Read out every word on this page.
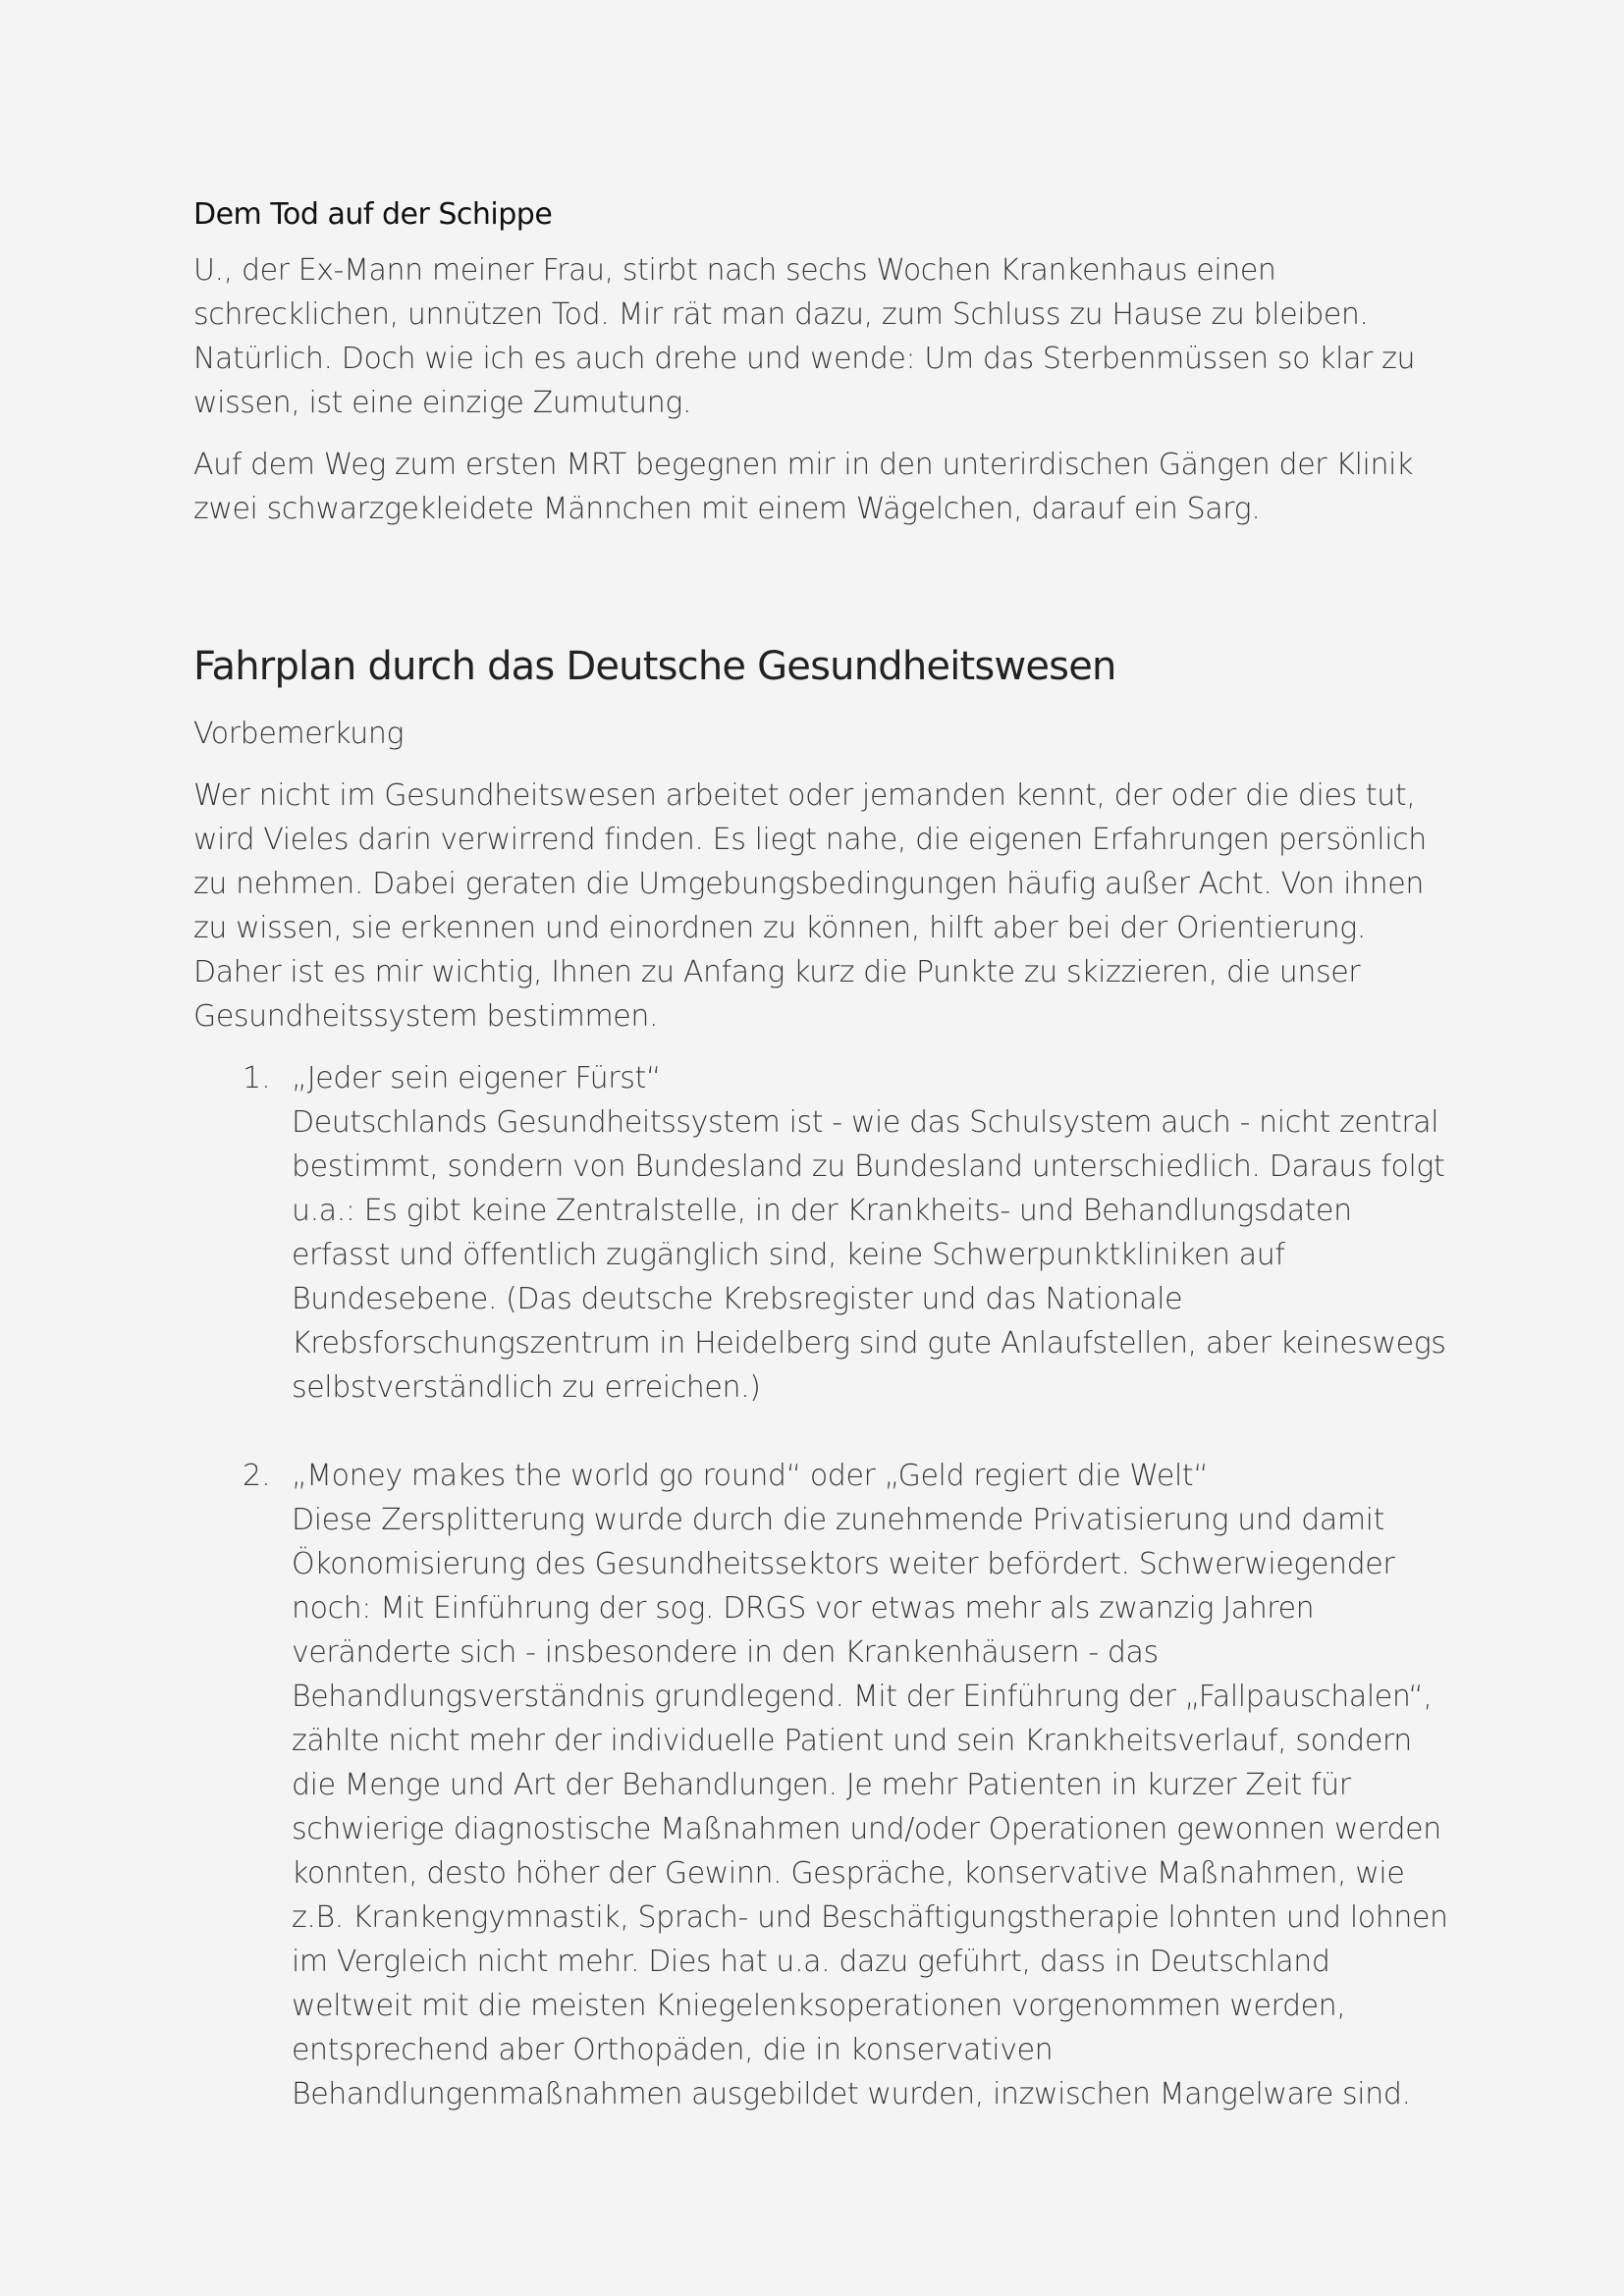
Dem Tod auf der Schippe

U., der Ex-Mann meiner Frau, stirbt nach sechs Wochen Krankenhaus einen schrecklichen, unnützen Tod. Mir rät man dazu, zum Schluss zu Hause zu bleiben. Natürlich. Doch wie ich es auch drehe und wende: Um das Sterbenmüssen so klar zu wissen, ist eine einzige Zumutung.

Auf dem Weg zum ersten MRT begegnen mir in den unterirdischen Gängen der Klinik zwei schwarzgekleidete Männchen mit einem Wägelchen, darauf ein Sarg.

Fahrplan durch das Deutsche Gesundheitswesen

Vorbemerkung

Wer nicht im Gesundheitswesen arbeitet oder jemanden kennt, der oder die dies tut, wird Vieles darin verwirrend finden. Es liegt nahe, die eigenen Erfahrungen persönlich zu nehmen. Dabei geraten die Umgebungsbedingungen häufig außer Acht. Von ihnen zu wissen, sie erkennen und einordnen zu können, hilft aber bei der Orientierung.
Daher ist es mir wichtig, Ihnen zu Anfang kurz die Punkte zu skizzieren, die unser Gesundheitssystem bestimmen.

1. „Jeder sein eigener Fürst“
Deutschlands Gesundheitssystem ist - wie das Schulsystem auch - nicht zentral bestimmt, sondern von Bundesland zu Bundesland unterschiedlich. Daraus folgt u.a.: Es gibt keine Zentralstelle, in der Krankheits- und Behandlungsdaten erfasst und öffentlich zugänglich sind, keine Schwerpunktkliniken auf Bundesebene. (Das deutsche Krebsregister und das Nationale Krebsforschungszentrum in Heidelberg sind gute Anlaufstellen, aber keineswegs selbstverständlich zu erreichen.)
2. „Money makes the world go round“ oder „Geld regiert die Welt“
Diese Zersplitterung wurde durch die zunehmende Privatisierung und damit Ökonomisierung des Gesundheitssektors weiter befördert. Schwerwiegender noch: Mit Einführung der sog. DRGS vor etwas mehr als zwanzig Jahren veränderte sich - insbesondere in den Krankenhäusern - das Behandlungsverständnis grundlegend. Mit der Einführung der „Fallpauschalen“, zählte nicht mehr der individuelle Patient und sein Krankheitsverlauf, sondern die Menge und Art der Behandlungen. Je mehr Patienten in kurzer Zeit für schwierige diagnostische Maßnahmen und/oder Operationen gewonnen werden konnten, desto höher der Gewinn. Gespräche, konservative Maßnahmen, wie z.B. Krankengymnastik, Sprach- und Beschäftigungstherapie lohnten und lohnen im Vergleich nicht mehr. Dies hat u.a. dazu geführt, dass in Deutschland weltweit mit die meisten Kniegelenksoperationen vorgenommen werden, entsprechend aber Orthopäden, die in konservativen Behandlungenmaßnahmen ausgebildet wurden, inzwischen Mangelware sind.
